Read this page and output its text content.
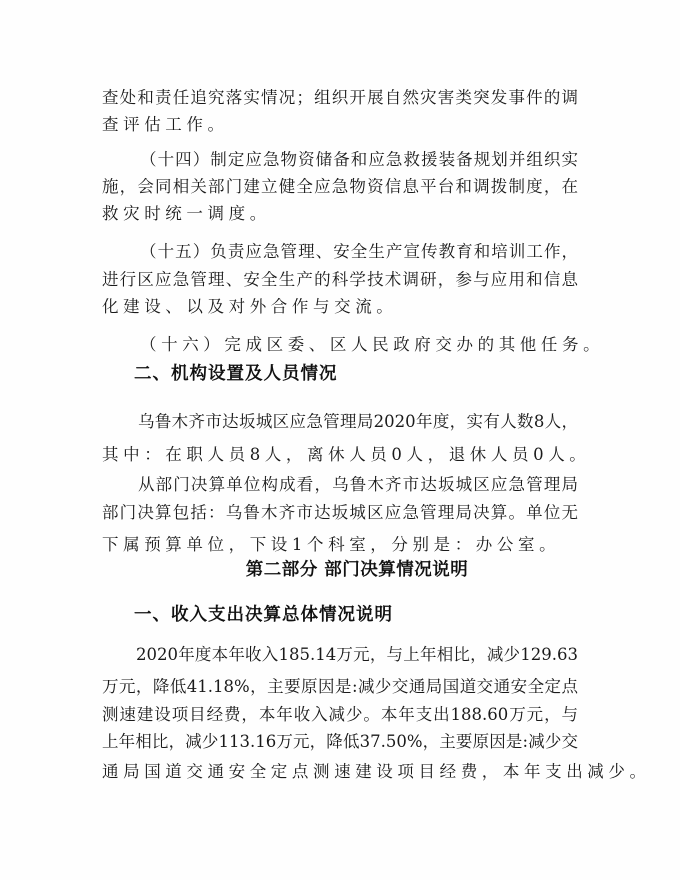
查处和责任追究落实情况；组织开展自然灾害类突发事件的调
查评估工作。
（十四）制定应急物资储备和应急救援装备规划并组织实
施，会同相关部门建立健全应急物资信息平台和调拨制度，在
救灾时统一调度。
（十五）负责应急管理、安全生产宣传教育和培训工作，
进行区应急管理、安全生产的科学技术调研，参与应用和信息
化建设、以及对外合作与交流。
（十六）完成区委、区人民政府交办的其他任务。
二、机构设置及人员情况
乌鲁木齐市达坂城区应急管理局2020年度，实有人数8人，
其中：在职人员8人，离休人员0人，退休人员0人。
从部门决算单位构成看，乌鲁木齐市达坂城区应急管理局
部门决算包括：乌鲁木齐市达坂城区应急管理局决算。单位无
下属预算单位，下设1个科室，分别是：办公室。
第二部分 部门决算情况说明
一、收入支出决算总体情况说明
2020年度本年收入185.14万元，与上年相比，减少129.63
万元，降低41.18%，主要原因是:减少交通局国道交通安全定点
测速建设项目经费，本年收入减少。本年支出188.60万元，与
上年相比，减少113.16万元，降低37.50%，主要原因是:减少交
通局国道交通安全定点测速建设项目经费，本年支出减少。
